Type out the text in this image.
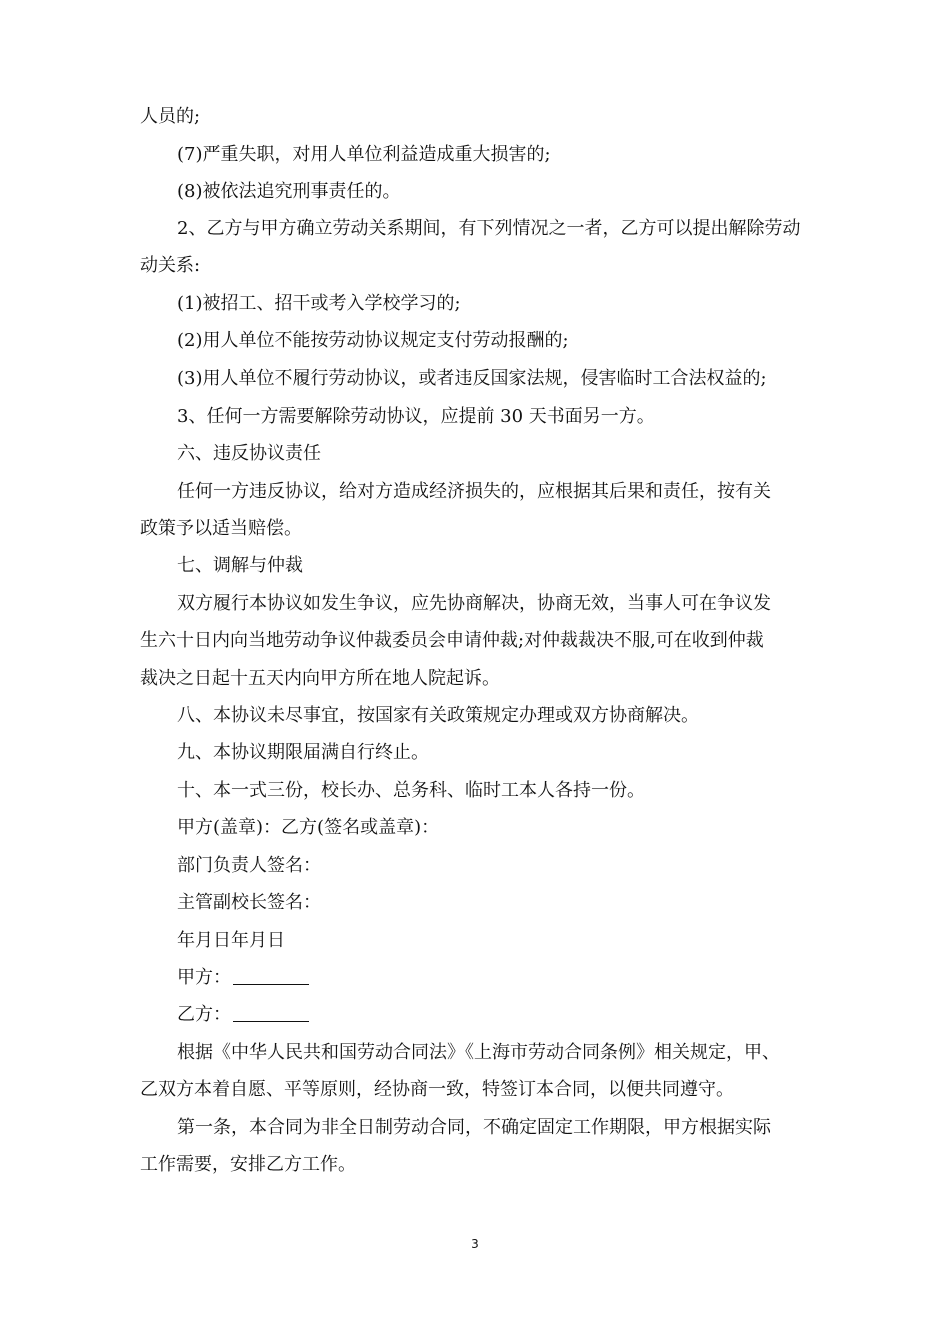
人员的;

(7)严重失职，对用人单位利益造成重大损害的;

(8)被依法追究刑事责任的。

2、乙方与甲方确立劳动关系期间，有下列情况之一者，乙方可以提出解除劳动

动关系:

(1)被招工、招干或考入学校学习的;

(2)用人单位不能按劳动协议规定支付劳动报酬的;

(3)用人单位不履行劳动协议，或者违反国家法规，侵害临时工合法权益的;

3、任何一方需要解除劳动协议，应提前 30 天书面另一方。

六、违反协议责任

任何一方违反协议，给对方造成经济损失的，应根据其后果和责任，按有关

政策予以适当赔偿。

七、调解与仲裁

双方履行本协议如发生争议，应先协商解决，协商无效，当事人可在争议发

生六十日内向当地劳动争议仲裁委员会申请仲裁;对仲裁裁决不服,可在收到仲裁

裁决之日起十五天内向甲方所在地人院起诉。

八、本协议未尽事宜，按国家有关政策规定办理或双方协商解决。

九、本协议期限届满自行终止。

十、本一式三份，校长办、总务科、临时工本人各持一份。

甲方(盖章)：乙方(签名或盖章)：

部门负责人签名：

主管副校长签名：

年月日年月日

甲方：

乙方：

根据《中华人民共和国劳动合同法》《上海市劳动合同条例》相关规定，甲、

乙双方本着自愿、平等原则，经协商一致，特签订本合同，以便共同遵守。

第一条，本合同为非全日制劳动合同，不确定固定工作期限，甲方根据实际

工作需要，安排乙方工作。

3
